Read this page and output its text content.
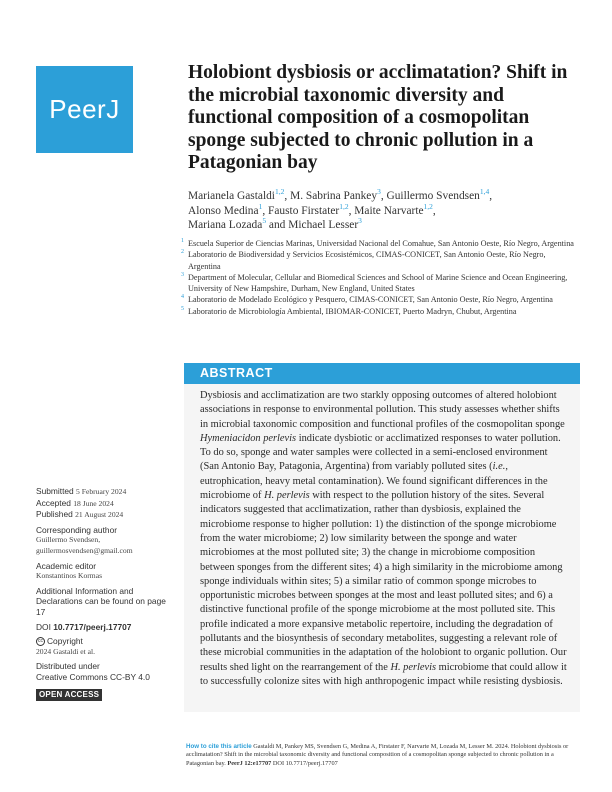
PeerJ
Holobiont dysbiosis or acclimatation? Shift in the microbial taxonomic diversity and functional composition of a cosmopolitan sponge subjected to chronic pollution in a Patagonian bay
Marianela Gastaldi$^{1,2}$, M. Sabrina Pankey$^3$, Guillermo Svendsen$^{1,4}$,
Alonso Medina$^1$, Fausto Firstater$^{1,2}$, Maite Narvarte$^{1,2}$,
Mariana Lozada$^5$ and Michael Lesser$^3$
1 Escuela Superior de Ciencias Marinas, Universidad Nacional del Comahue, San Antonio Oeste, Río Negro, Argentina
2 Laboratorio de Biodiversidad y Servicios Ecosistémicos, CIMAS-CONICET, San Antonio Oeste, Río Negro, Argentina
3 Department of Molecular, Cellular and Biomedical Sciences and School of Marine Science and Ocean Engineering, University of New Hampshire, Durham, New England, United States
4 Laboratorio de Modelado Ecológico y Pesquero, CIMAS-CONICET, San Antonio Oeste, Río Negro, Argentina
5 Laboratorio de Microbiología Ambiental, IBIOMAR-CONICET, Puerto Madryn, Chubut, Argentina
ABSTRACT

Dysbiosis and acclimatization are two starkly opposing outcomes of altered holobiont associations in response to environmental pollution. This study assesses whether shifts in microbial taxonomic composition and functional profiles of the cosmopolitan sponge Hymeniacidon perlevis indicate dysbiotic or acclimatized responses to water pollution. To do so, sponge and water samples were collected in a semi-enclosed environment (San Antonio Bay, Patagonia, Argentina) from variably polluted sites (i.e., eutrophication, heavy metal contamination). We found significant differences in the microbiome of H. perlevis with respect to the pollution history of the sites. Several indicators suggested that acclimatization, rather than dysbiosis, explained the microbiome response to higher pollution: 1) the distinction of the sponge microbiome from the water microbiome; 2) low similarity between the sponge and water microbiomes at the most polluted site; 3) the change in microbiome composition between sponges from the different sites; 4) a high similarity in the microbiome among sponge individuals within sites; 5) a similar ratio of common sponge microbes to opportunistic microbes between sponges at the most and least polluted sites; and 6) a distinctive functional profile of the sponge microbiome at the most polluted site. This profile indicated a more expansive metabolic repertoire, including the degradation of pollutants and the biosynthesis of secondary metabolites, suggesting a relevant role of these microbial communities in the adaptation of the holobiont to organic pollution. Our results shed light on the rearrangement of the H. perlevis microbiome that could allow it to successfully colonize sites with high anthropogenic impact while resisting dysbiosis.

Submitted 5 February 2024
Accepted 18 June 2024
Published 21 August 2024
Corresponding author
Guillermo Svendsen,
guillermosvendsen@gmail.com
Academic editor
Konstantinos Kormas
Additional Information and Declarations can be found on page 17
DOI 10.7717/peerj.17707
cc Copyright
2024 Gastaldi et al.
Distributed under
Creative Commons CC-BY 4.0
OPEN ACCESS
How to cite this article Gastaldi M, Pankey MS, Svendsen G, Medina A, Firstater F, Narvarte M, Lozada M, Lesser M. 2024. Holobiont dysbiosis or acclimatation? Shift in the microbial taxonomic diversity and functional composition of a cosmopolitan sponge subjected to chronic pollution in a Patagonian bay. PeerJ 12:e17707 DOI 10.7717/peerj.17707
